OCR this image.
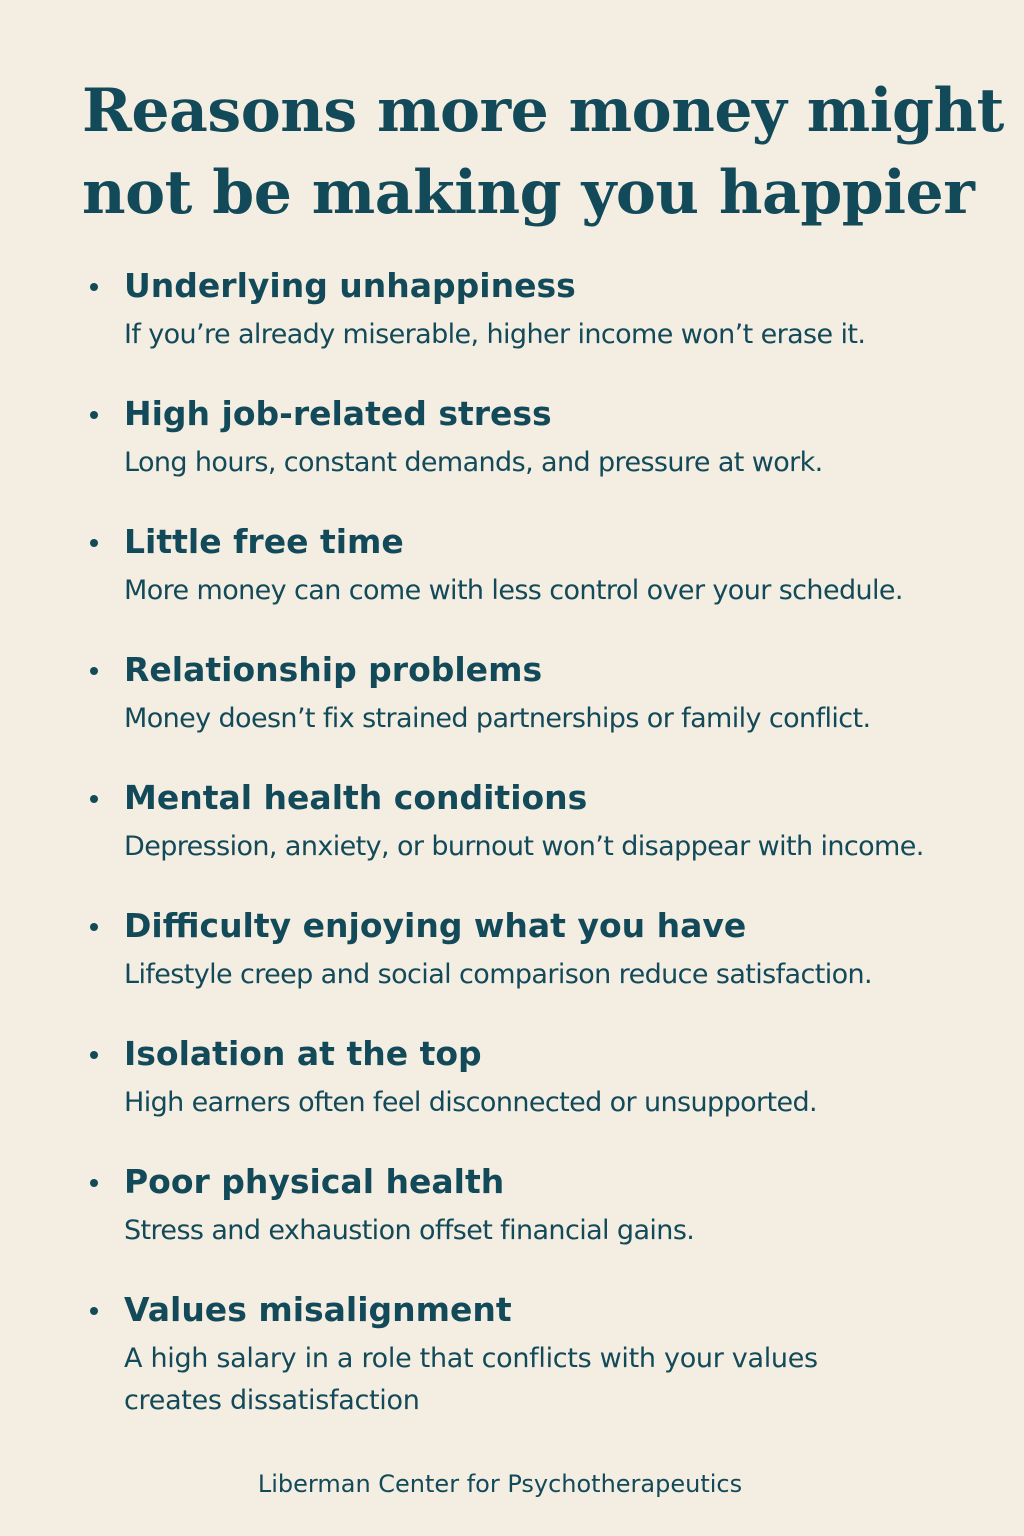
Reasons more money might
not be making you happier
Underlying unhappiness
If you’re already miserable, higher income won’t erase it.
High job-related stress
Long hours, constant demands, and pressure at work.
Little free time
More money can come with less control over your schedule.
Relationship problems
Money doesn’t fix strained partnerships or family conflict.
Mental health conditions
Depression, anxiety, or burnout won’t disappear with income.
Difficulty enjoying what you have
Lifestyle creep and social comparison reduce satisfaction.
Isolation at the top
High earners often feel disconnected or unsupported.
Poor physical health
Stress and exhaustion offset financial gains.
Values misalignment
A high salary in a role that conflicts with your values creates dissatisfaction
Liberman Center for Psychotherapeutics
